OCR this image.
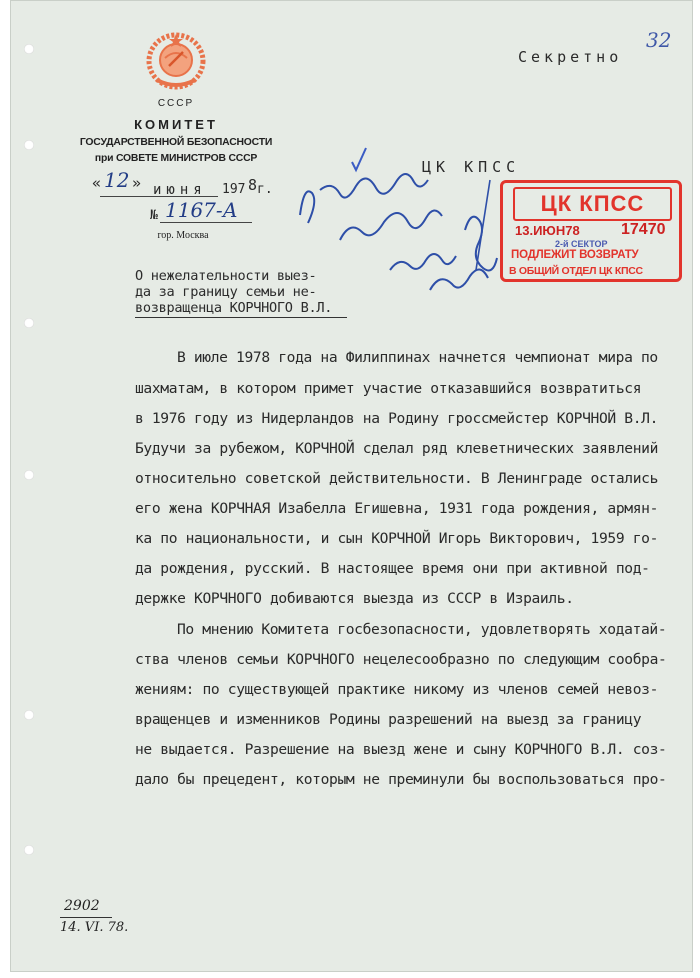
СССР
КОМИТЕТ
ГОСУДАРСТВЕННОЙ БЕЗОПАСНОСТИ
при СОВЕТЕ МИНИСТРОВ СССР
« 12 » июня 197 8 г.
№ 1167-А
гор. Москва
Секретно
32
ЦК КПСС
О нежелательности выез-
да за границу семьи не-
возвращенца КОРЧНОГО В.Л.
ЦК КПСС
13.ИЮН78	17470
2-й СЕКТОР
ПОДЛЕЖИТ ВОЗВРАТУ
В ОБЩИЙ ОТДЕЛ ЦК КПСС
В июле 1978 года на Филиппинах начнется чемпионат мира по
шахматам, в котором примет участие отказавшийся возвратиться
в 1976 году из Нидерландов на Родину гроссмейстер КОРЧНОЙ В.Л.
Будучи за рубежом, КОРЧНОЙ сделал ряд клеветнических заявлений
относительно советской действительности. В Ленинграде остались
его жена КОРЧНАЯ Изабелла Егишевна, 1931 года рождения, армян-
ка по национальности, и сын КОРЧНОЙ Игорь Викторович, 1959 го-
да рождения, русский. В настоящее время они при активной под-
держке КОРЧНОГО добиваются выезда из СССР в Израиль.
По мнению Комитета госбезопасности, удовлетворять ходатай-
ства членов семьи КОРЧНОГО нецелесообразно по следующим сообра-
жениям: по существующей практике никому из членов семей невоз-
вращенцев и изменников Родины разрешений на выезд за границу
не выдается. Разрешение на выезд жене и сыну КОРЧНОГО В.Л. соз-
дало бы прецедент, которым не преминули бы воспользоваться про-
2902
14. VI. 78.
